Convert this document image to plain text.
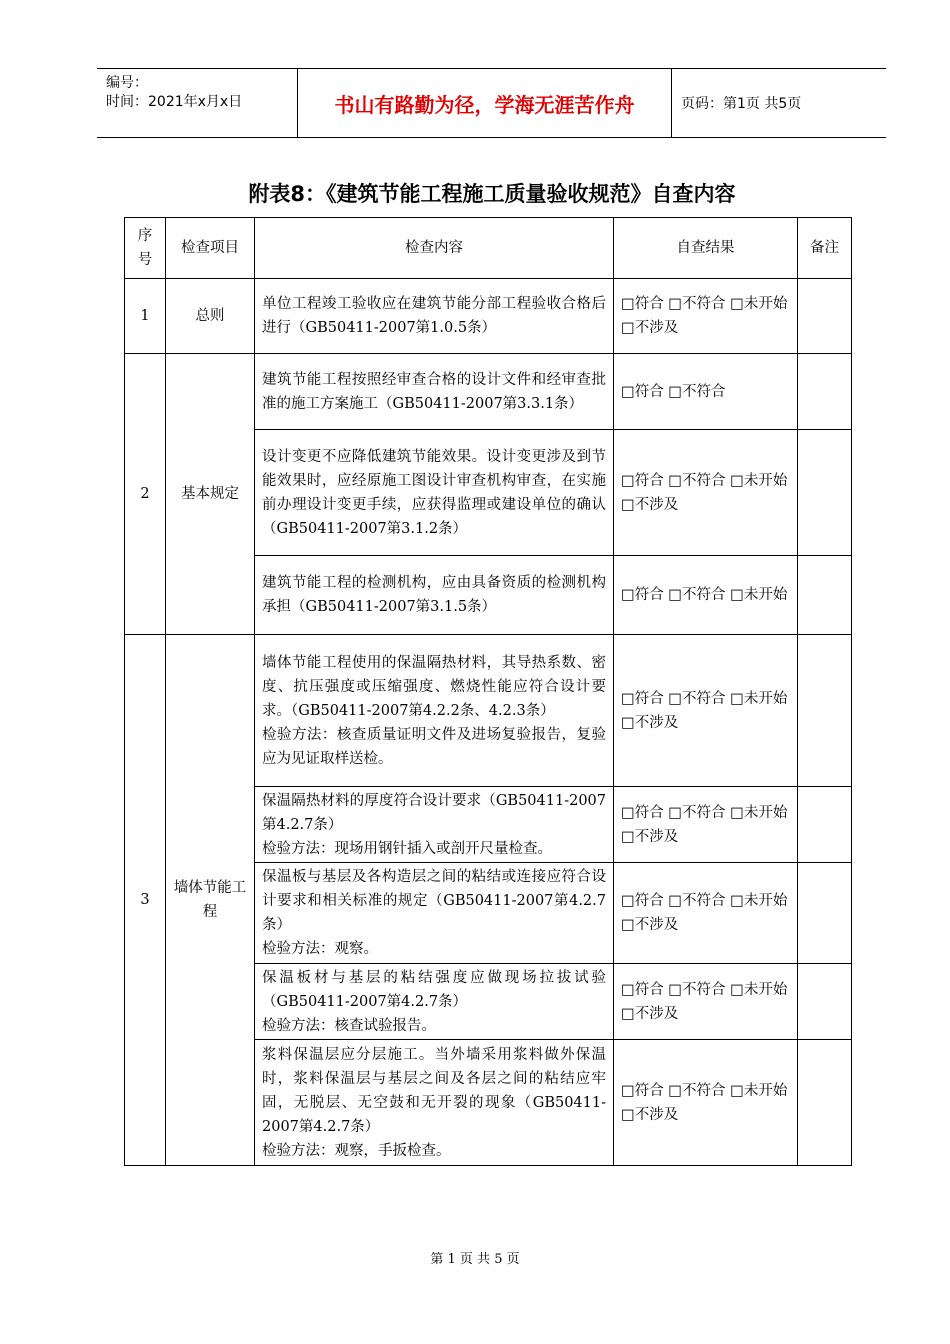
编号：
时间：2021年x月x日	书山有路勤为径，学海无涯苦作舟	页码：第1页 共5页
附表8：《建筑节能工程施工质量验收规范》自查内容
序号	检查项目	检查内容	自查结果	备注
1	总则	单位工程竣工验收应在建筑节能分部工程验收合格后进行（GB50411-2007第1.0.5条）	□符合 □不符合 □未开始 □不涉及	
2	基本规定	建筑节能工程按照经审查合格的设计文件和经审查批准的施工方案施工（GB50411-2007第3.3.1条）	□符合 □不符合	
		设计变更不应降低建筑节能效果。设计变更涉及到节能效果时，应经原施工图设计审查机构审查，在实施前办理设计变更手续，应获得监理或建设单位的确认（GB50411-2007第3.1.2条）	□符合 □不符合 □未开始 □不涉及	
		建筑节能工程的检测机构，应由具备资质的检测机构承担（GB50411-2007第3.1.5条）	□符合 □不符合 □未开始	
3	墙体节能工程	墙体节能工程使用的保温隔热材料，其导热系数、密度、抗压强度或压缩强度、燃烧性能应符合设计要求。（GB50411-2007第4.2.2条、4.2.3条）
检验方法：核查质量证明文件及进场复验报告，复验应为见证取样送检。	□符合 □不符合 □未开始 □不涉及	

		保温隔热材料的厚度符合设计要求（GB50411-2007第4.2.7条）
检验方法：现场用钢针插入或剖开尺量检查。	□符合 □不符合 □未开始 □不涉及	

		保温板与基层及各构造层之间的粘结或连接应符合设计要求和相关标准的规定（GB50411-2007第4.2.7条）
检验方法：观察。	□符合 □不符合 □未开始 □不涉及	

		保温板材与基层的粘结强度应做现场拉拔试验（GB50411-2007第4.2.7条）
检验方法：核查试验报告。	□符合 □不符合 □未开始 □不涉及	

		浆料保温层应分层施工。当外墙采用浆料做外保温时，浆料保温层与基层之间及各层之间的粘结应牢固，无脱层、无空鼓和无开裂的现象（GB50411-2007第4.2.7条）
检验方法：观察，手扳检查。	□符合 □不符合 □未开始 □不涉及	
第 1 页 共 5 页
